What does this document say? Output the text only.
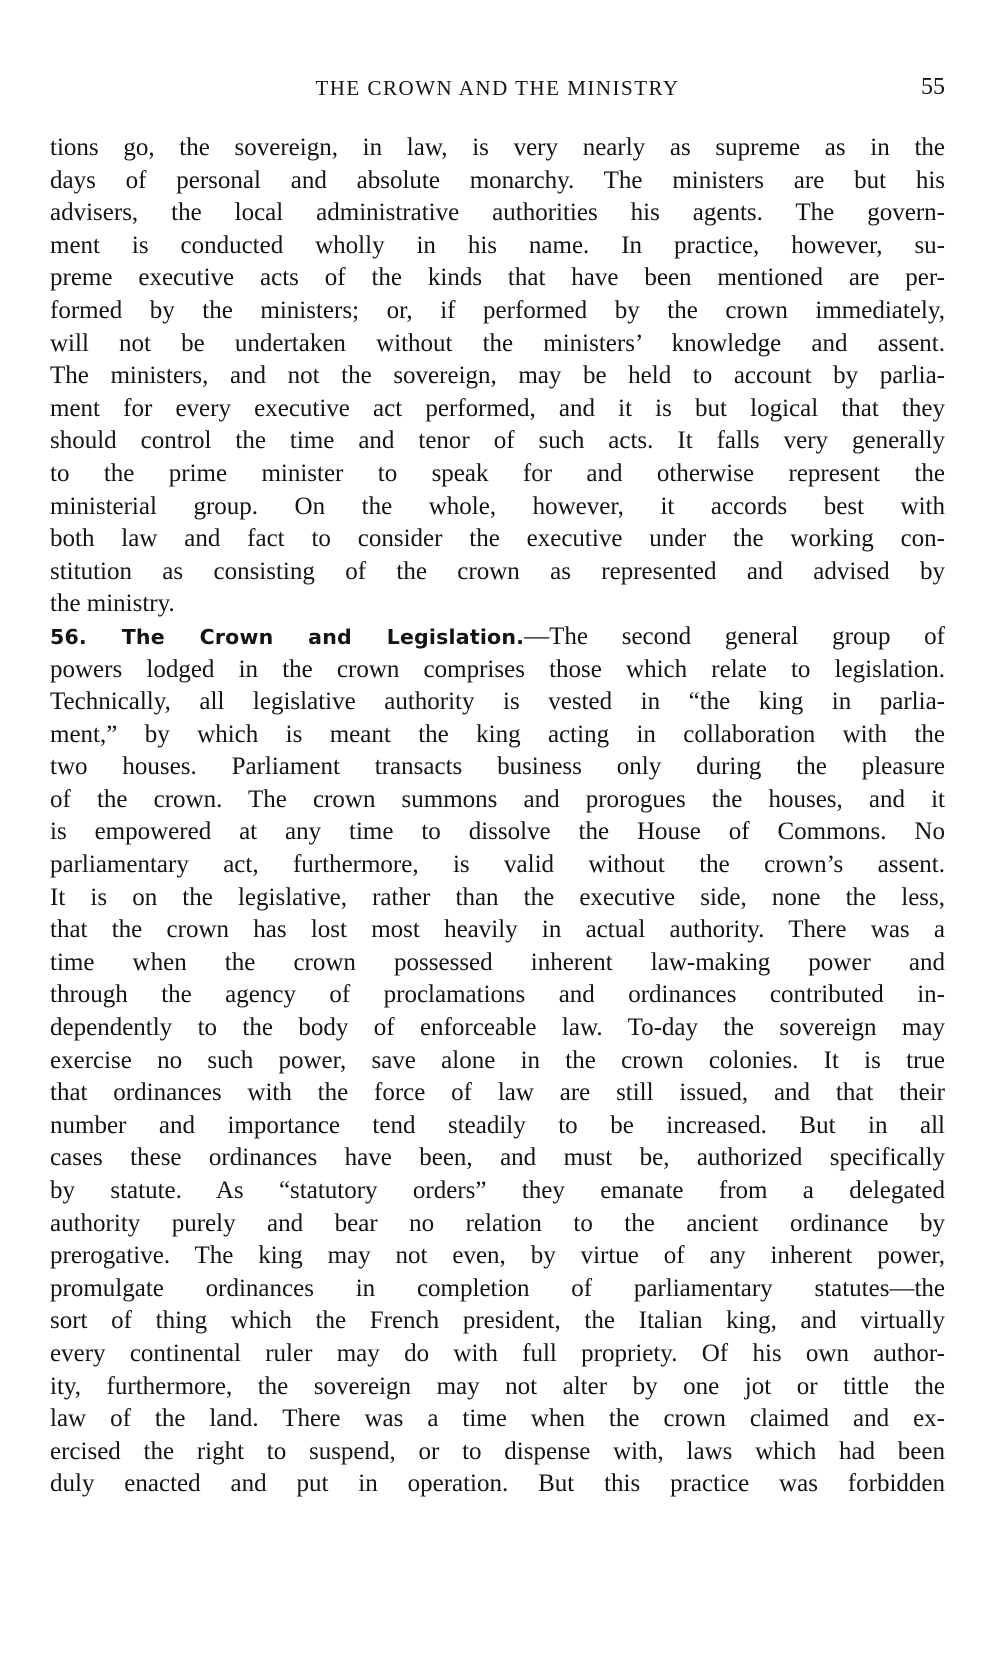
THE CROWN AND THE MINISTRY	55
tions go, the sovereign, in law, is very nearly as supreme as in the
days of personal and absolute monarchy. The ministers are but his
advisers, the local administrative authorities his agents. The govern-
ment is conducted wholly in his name. In practice, however, su-
preme executive acts of the kinds that have been mentioned are per-
formed by the ministers; or, if performed by the crown immediately,
will not be undertaken without the ministers’ knowledge and assent.
The ministers, and not the sovereign, may be held to account by parlia-
ment for every executive act performed, and it is but logical that they
should control the time and tenor of such acts. It falls very generally
to the prime minister to speak for and otherwise represent the
ministerial group. On the whole, however, it accords best with
both law and fact to consider the executive under the working con-
stitution as consisting of the crown as represented and advised by
the ministry.
56. The Crown and Legislation.—The second general group of
powers lodged in the crown comprises those which relate to legislation.
Technically, all legislative authority is vested in “the king in parlia-
ment,” by which is meant the king acting in collaboration with the
two houses. Parliament transacts business only during the pleasure
of the crown. The crown summons and prorogues the houses, and it
is empowered at any time to dissolve the House of Commons. No
parliamentary act, furthermore, is valid without the crown’s assent.
It is on the legislative, rather than the executive side, none the less,
that the crown has lost most heavily in actual authority. There was a
time when the crown possessed inherent law-making power and
through the agency of proclamations and ordinances contributed in-
dependently to the body of enforceable law. To-day the sovereign may
exercise no such power, save alone in the crown colonies. It is true
that ordinances with the force of law are still issued, and that their
number and importance tend steadily to be increased. But in all
cases these ordinances have been, and must be, authorized specifically
by statute. As “statutory orders” they emanate from a delegated
authority purely and bear no relation to the ancient ordinance by
prerogative. The king may not even, by virtue of any inherent power,
promulgate ordinances in completion of parliamentary statutes—the
sort of thing which the French president, the Italian king, and virtually
every continental ruler may do with full propriety. Of his own author-
ity, furthermore, the sovereign may not alter by one jot or tittle the
law of the land. There was a time when the crown claimed and ex-
ercised the right to suspend, or to dispense with, laws which had been
duly enacted and put in operation. But this practice was forbidden
